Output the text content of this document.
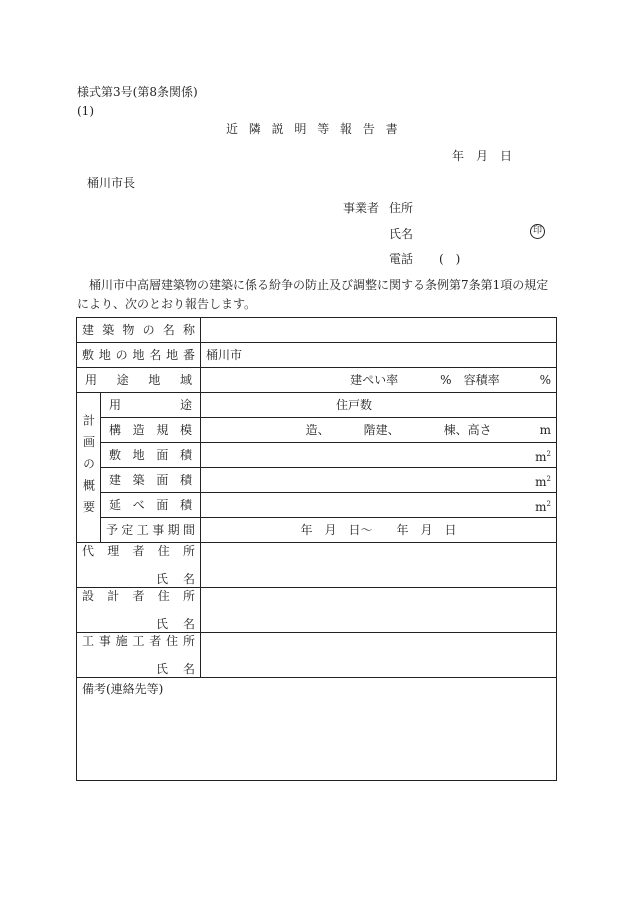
様式第3号(第8条関係)
(1)
近隣説明等報告書
年　月　日
桶川市長
事業者 住所
氏名	印
電話 (　)
桶川市中高層建築物の建築に係る紛争の防止及び調整に関する条例第7条第1項の規定により、次のとおり報告します。
建築物の名称		
敷地の地名地番		桶川市
用途地域		建ぺい率 % 容積率 %

計画の概要	用途	住戸数
	構造規模	造、 階建、 棟、高さ m

	敷地面積	$m^2$
	建築面積	$m^2$
	延べ面積	$m^2$
	予定工事期間	年　月　日〜　　年　月　日

代理者住所
氏名		

設計者住所
氏名		

工事施工者住所
氏名		

備考(連絡先等)		
